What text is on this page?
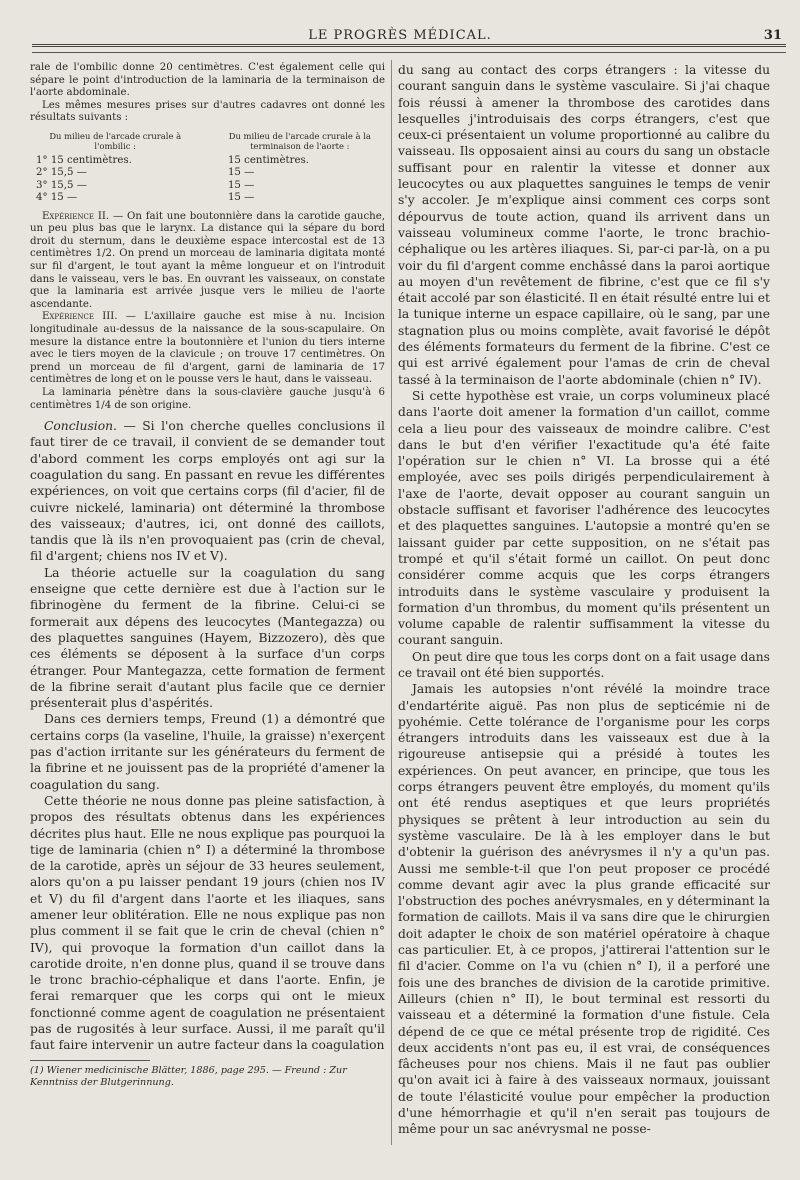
LE PROGRÈS MÉDICAL.	31

rale de l'ombilic donne 20 centimètres. C'est également celle qui sépare le point d'introduction de la laminaria de la terminaison de l'aorte abdominale.

Les mêmes mesures prises sur d'autres cadavres ont donné les résultats suivants :

Du milieu de l'arcade crurale à l'ombilic :
Du milieu de l'arcade crurale à la terminaison de l'aorte :
1° 15 centimètres.	15 centimètres.
2° 15,5 —	15 —
3° 15,5 —	15 —
4° 15 —	15 —

Expérience II. — On fait une boutonnière dans la carotide gauche, un peu plus bas que le larynx. La distance qui la sépare du bord droit du sternum, dans le deuxième espace intercostal est de 13 centimètres 1/2. On prend un morceau de laminaria digitata monté sur fil d'argent, le tout ayant la même longueur et on l'introduit dans le vaisseau, vers le bas. En ouvrant les vaisseaux, on constate que la laminaria est arrivée jusque vers le milieu de l'aorte ascendante.

Expérience III. — L'axillaire gauche est mise à nu. Incision longitudinale au-dessus de la naissance de la sous-scapulaire. On mesure la distance entre la boutonnière et l'union du tiers interne avec le tiers moyen de la clavicule ; on trouve 17 centimètres. On prend un morceau de fil d'argent, garni de laminaria de 17 centimètres de long et on le pousse vers le haut, dans le vaisseau.

La laminaria pénètre dans la sous-clavière gauche jusqu'à 6 centimètres 1/4 de son origine.

Conclusion. — Si l'on cherche quelles conclusions il faut tirer de ce travail, il convient de se demander tout d'abord comment les corps employés ont agi sur la coagulation du sang. En passant en revue les différentes expériences, on voit que certains corps (fil d'acier, fil de cuivre nickelé, laminaria) ont déterminé la thrombose des vaisseaux; d'autres, ici, ont donné des caillots, tandis que là ils n'en provoquaient pas (crin de cheval, fil d'argent; chiens nos IV et V).

La théorie actuelle sur la coagulation du sang enseigne que cette dernière est due à l'action sur le fibrinogène du ferment de la fibrine. Celui-ci se formerait aux dépens des leucocytes (Mantegazza) ou des plaquettes sanguines (Hayem, Bizzozero), dès que ces éléments se déposent à la surface d'un corps étranger. Pour Mantegazza, cette formation de ferment de la fibrine serait d'autant plus facile que ce dernier présenterait plus d'aspérités.

Dans ces derniers temps, Freund (1) a démontré que certains corps (la vaseline, l'huile, la graisse) n'exerçent pas d'action irritante sur les générateurs du ferment de la fibrine et ne jouissent pas de la propriété d'amener la coagulation du sang.

Cette théorie ne nous donne pas pleine satisfaction, à propos des résultats obtenus dans les expériences décrites plus haut. Elle ne nous explique pas pourquoi la tige de laminaria (chien n° I) a déterminé la thrombose de la carotide, après un séjour de 33 heures seulement, alors qu'on a pu laisser pendant 19 jours (chien nos IV et V) du fil d'argent dans l'aorte et les iliaques, sans amener leur oblitération. Elle ne nous explique pas non plus comment il se fait que le crin de cheval (chien n° IV), qui provoque la formation d'un caillot dans la carotide droite, n'en donne plus, quand il se trouve dans le tronc brachio-céphalique et dans l'aorte. Enfin, je ferai remarquer que les corps qui ont le mieux fonctionné comme agent de coagulation ne présentaient pas de rugosités à leur surface. Aussi, il me paraît qu'il faut faire intervenir un autre facteur dans la coagulation

(1) Wiener medicinische Blätter, 1886, page 295. — Freund : Zur Kenntniss der Blutgerinnung.

du sang au contact des corps étrangers : la vitesse du courant sanguin dans le système vasculaire. Si j'ai chaque fois réussi à amener la thrombose des carotides dans lesquelles j'introduisais des corps étrangers, c'est que ceux-ci présentaient un volume proportionné au calibre du vaisseau. Ils opposaient ainsi au cours du sang un obstacle suffisant pour en ralentir la vitesse et donner aux leucocytes ou aux plaquettes sanguines le temps de venir s'y accoler. Je m'explique ainsi comment ces corps sont dépourvus de toute action, quand ils arrivent dans un vaisseau volumineux comme l'aorte, le tronc brachio-céphalique ou les artères iliaques. Si, par-ci par-là, on a pu voir du fil d'argent comme enchâssé dans la paroi aortique au moyen d'un revêtement de fibrine, c'est que ce fil s'y était accolé par son élasticité. Il en était résulté entre lui et la tunique interne un espace capillaire, où le sang, par une stagnation plus ou moins complète, avait favorisé le dépôt des éléments formateurs du ferment de la fibrine. C'est ce qui est arrivé également pour l'amas de crin de cheval tassé à la terminaison de l'aorte abdominale (chien n° IV).

Si cette hypothèse est vraie, un corps volumineux placé dans l'aorte doit amener la formation d'un caillot, comme cela a lieu pour des vaisseaux de moindre calibre. C'est dans le but d'en vérifier l'exactitude qu'a été faite l'opération sur le chien n° VI. La brosse qui a été employée, avec ses poils dirigés perpendiculairement à l'axe de l'aorte, devait opposer au courant sanguin un obstacle suffisant et favoriser l'adhérence des leucocytes et des plaquettes sanguines. L'autopsie a montré qu'en se laissant guider par cette supposition, on ne s'était pas trompé et qu'il s'était formé un caillot. On peut donc considérer comme acquis que les corps étrangers introduits dans le système vasculaire y produisent la formation d'un thrombus, du moment qu'ils présentent un volume capable de ralentir suffisamment la vitesse du courant sanguin.

On peut dire que tous les corps dont on a fait usage dans ce travail ont été bien supportés.

Jamais les autopsies n'ont révélé la moindre trace d'endartérite aiguë. Pas non plus de septicémie ni de pyohémie. Cette tolérance de l'organisme pour les corps étrangers introduits dans les vaisseaux est due à la rigoureuse antisepsie qui a présidé à toutes les expériences. On peut avancer, en principe, que tous les corps étrangers peuvent être employés, du moment qu'ils ont été rendus aseptiques et que leurs propriétés physiques se prêtent à leur introduction au sein du système vasculaire. De là à les employer dans le but d'obtenir la guérison des anévrysmes il n'y a qu'un pas. Aussi me semble-t-il que l'on peut proposer ce procédé comme devant agir avec la plus grande efficacité sur l'obstruction des poches anévrysmales, en y déterminant la formation de caillots. Mais il va sans dire que le chirurgien doit adapter le choix de son matériel opératoire à chaque cas particulier. Et, à ce propos, j'attirerai l'attention sur le fil d'acier. Comme on l'a vu (chien n° I), il a perforé une fois une des branches de division de la carotide primitive. Ailleurs (chien n° II), le bout terminal est ressorti du vaisseau et a déterminé la formation d'une fistule. Cela dépend de ce que ce métal présente trop de rigidité. Ces deux accidents n'ont pas eu, il est vrai, de conséquences fâcheuses pour nos chiens. Mais il ne faut pas oublier qu'on avait ici à faire à des vaisseaux normaux, jouissant de toute l'élasticité voulue pour empêcher la production d'une hémorrhagie et qu'il n'en serait pas toujours de même pour un sac anévrysmal ne posse-
